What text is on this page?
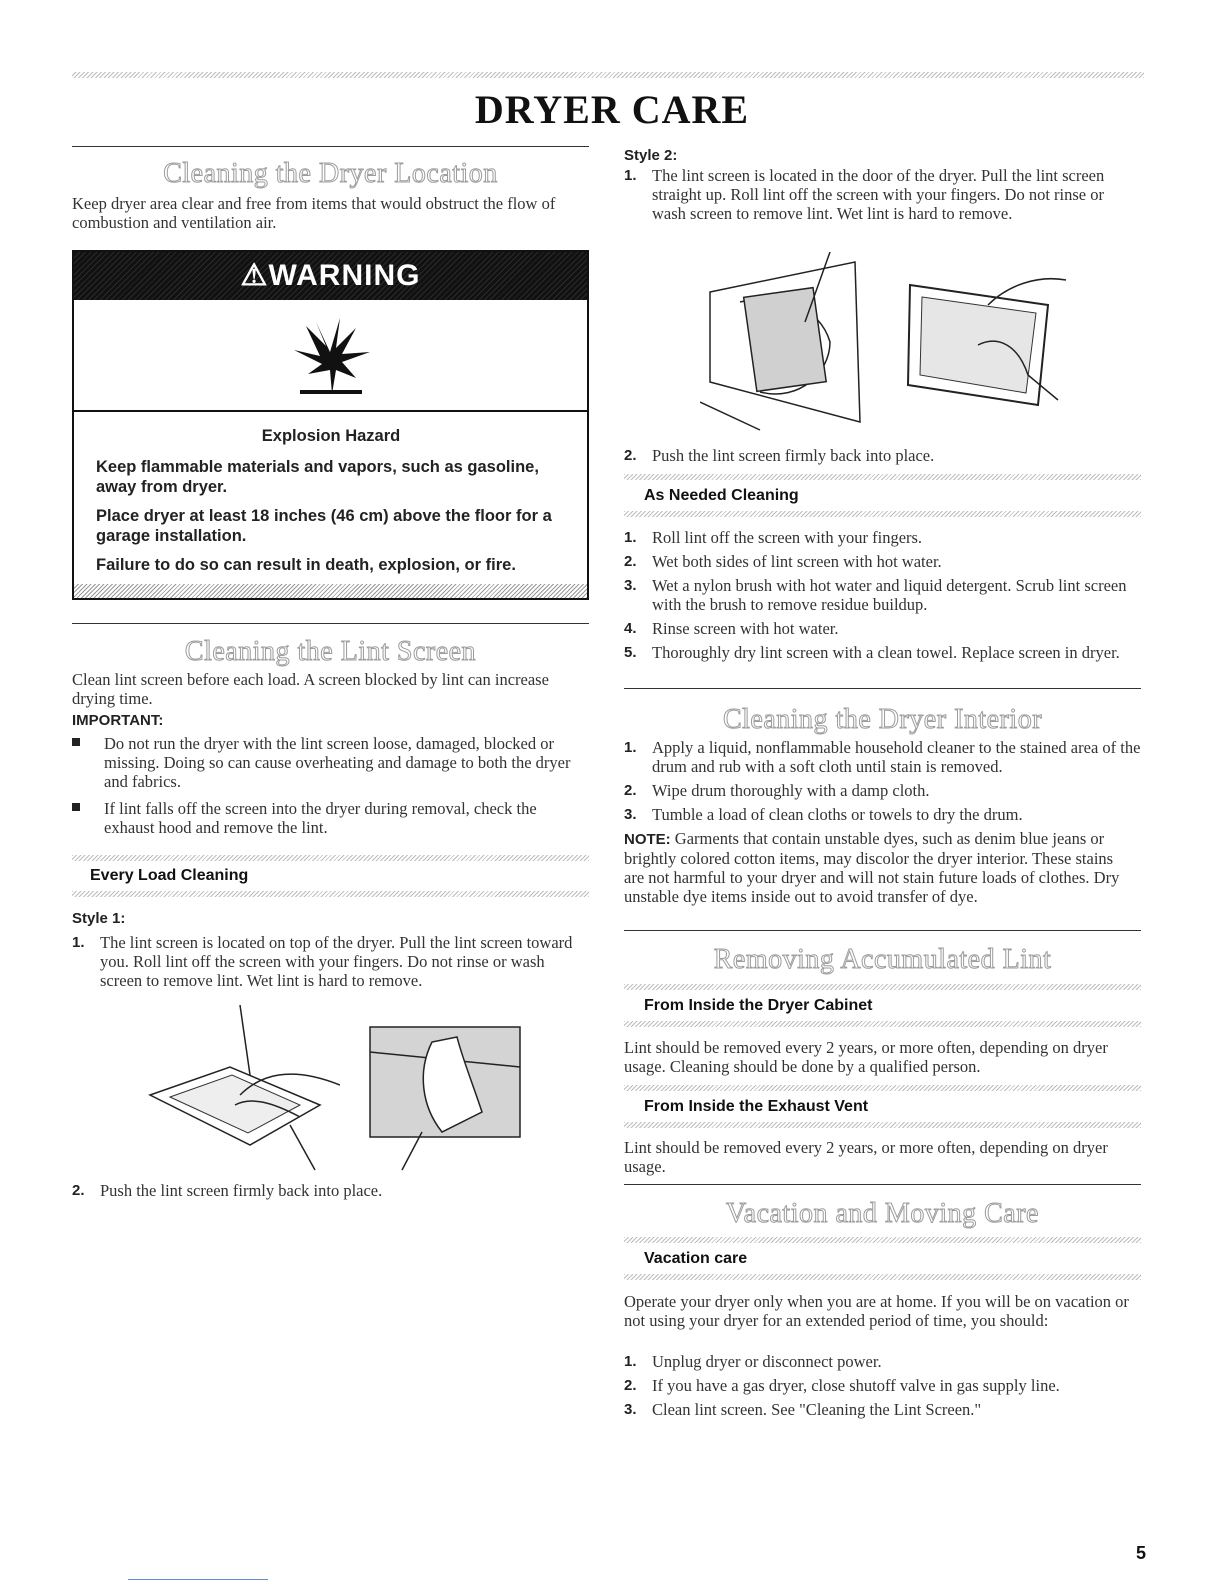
DRYER CARE
Cleaning the Dryer Location
Keep dryer area clear and free from items that would obstruct the flow of combustion and ventilation air.
⚠WARNING

Explosion Hazard

Keep flammable materials and vapors, such as gasoline, away from dryer.

Place dryer at least 18 inches (46 cm) above the floor for a garage installation.

Failure to do so can result in death, explosion, or fire.

Cleaning the Lint Screen
Clean lint screen before each load. A screen blocked by lint can increase drying time.
IMPORTANT:
Do not run the dryer with the lint screen loose, damaged, blocked or missing. Doing so can cause overheating and damage to both the dryer and fabrics.
If lint falls off the screen into the dryer during removal, check the exhaust hood and remove the lint.
Every Load Cleaning
Style 1:
1. The lint screen is located on top of the dryer. Pull the lint screen toward you. Roll lint off the screen with your fingers. Do not rinse or wash screen to remove lint. Wet lint is hard to remove.
2. Push the lint screen firmly back into place.
Style 2:
1. The lint screen is located in the door of the dryer. Pull the lint screen straight up. Roll lint off the screen with your fingers. Do not rinse or wash screen to remove lint. Wet lint is hard to remove.
2. Push the lint screen firmly back into place.
As Needed Cleaning
1. Roll lint off the screen with your fingers.
2. Wet both sides of lint screen with hot water.
3. Wet a nylon brush with hot water and liquid detergent. Scrub lint screen with the brush to remove residue buildup.
4. Rinse screen with hot water.
5. Thoroughly dry lint screen with a clean towel. Replace screen in dryer.
Cleaning the Dryer Interior
1. Apply a liquid, nonflammable household cleaner to the stained area of the drum and rub with a soft cloth until stain is removed.
2. Wipe drum thoroughly with a damp cloth.
3. Tumble a load of clean cloths or towels to dry the drum.
NOTE: Garments that contain unstable dyes, such as denim blue jeans or brightly colored cotton items, may discolor the dryer interior. These stains are not harmful to your dryer and will not stain future loads of clothes. Dry unstable dye items inside out to avoid transfer of dye.
Removing Accumulated Lint
From Inside the Dryer Cabinet
Lint should be removed every 2 years, or more often, depending on dryer usage. Cleaning should be done by a qualified person.
From Inside the Exhaust Vent
Lint should be removed every 2 years, or more often, depending on dryer usage.
Vacation and Moving Care
Vacation care
Operate your dryer only when you are at home. If you will be on vacation or not using your dryer for an extended period of time, you should:
1. Unplug dryer or disconnect power.
2. If you have a gas dryer, close shutoff valve in gas supply line.
3. Clean lint screen. See "Cleaning the Lint Screen."
5
